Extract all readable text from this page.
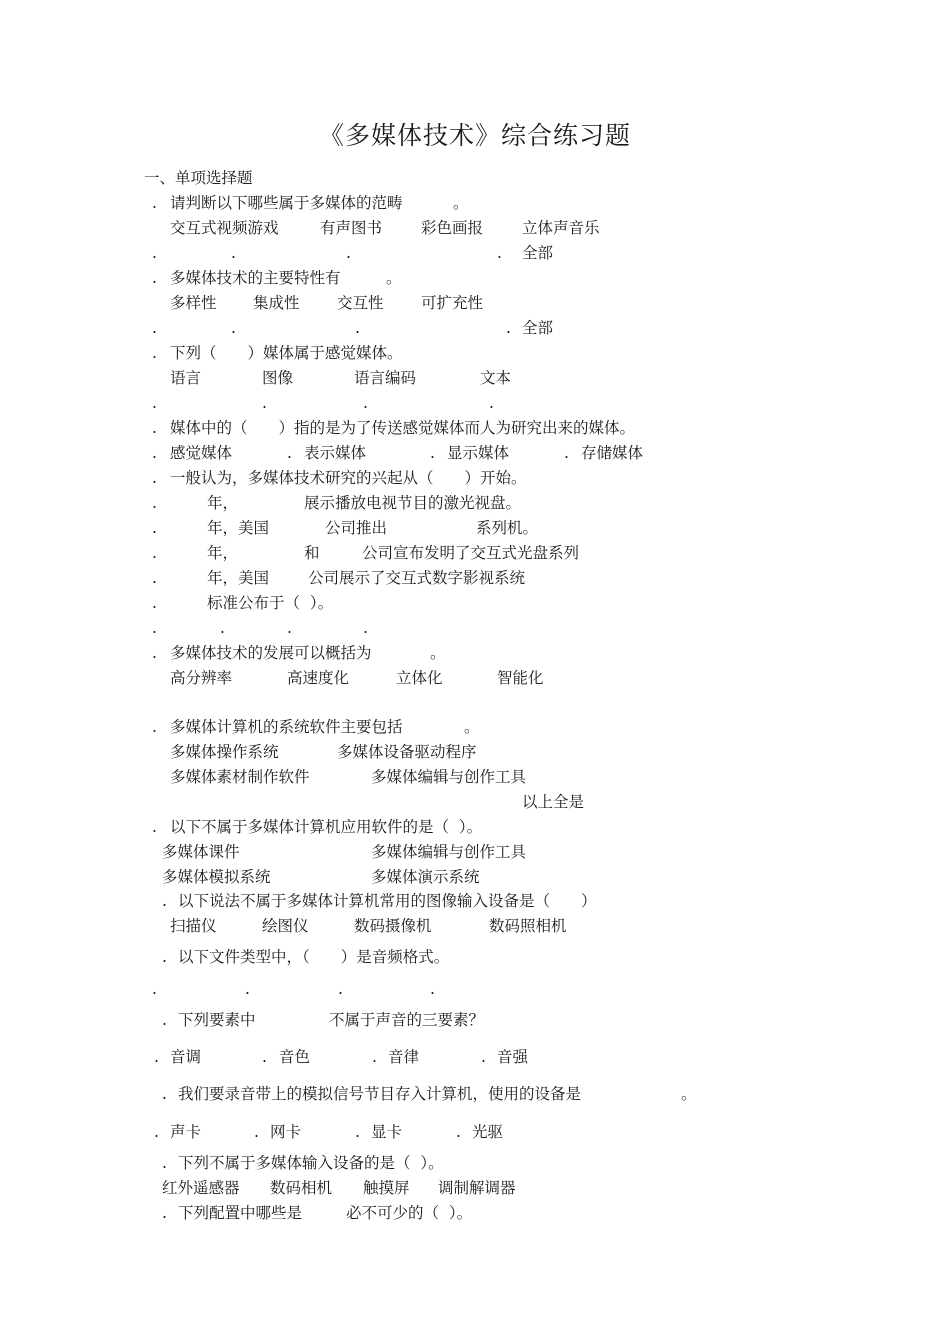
《多媒体技术》综合练习题
一、单项选择题
. 请判断以下哪些属于多媒体的范畴	。
交互式视频游戏	有声图书	彩色画报	立体声音乐
.	.	.	. 全部
. 多媒体技术的主要特性有	。
多样性 集成性 交互性 可扩充性
.	.	.	. 全部
. 下列（　　）媒体属于感觉媒体。
语言	图像	语言编码	文本
.	.	.	.
. 媒体中的（　　）指的是为了传送感觉媒体而人为研究出来的媒体。
. 感觉媒体	. 表示媒体	. 显示媒体	. 存储媒体
. 一般认为，多媒体技术研究的兴起从（　　）开始。
.	年，	展示播放电视节目的激光视盘。
.	年，美国	公司推出	系列机。
.	年，	和	公司宣布发明了交互式光盘系列
.	年，美国	公司展示了交互式数字影视系统
.	标准公布于（  ）。
.	.	.	.
. 多媒体技术的发展可以概括为	。
高分辨率	高速度化	立体化	智能化
. 多媒体计算机的系统软件主要包括	。
多媒体操作系统	多媒体设备驱动程序
多媒体素材制作软件	多媒体编辑与创作工具
以上全是
. 以下不属于多媒体计算机应用软件的是（  ）。
多媒体课件	多媒体编辑与创作工具
多媒体模拟系统	多媒体演示系统
. 以下说法不属于多媒体计算机常用的图像输入设备是（　　）
扫描仪	绘图仪	数码摄像机	数码照相机
. 以下文件类型中，（　　）是音频格式。
.	.	.	.
. 下列要素中	不属于声音的三要素？
. 音调	. 音色	. 音律	. 音强
. 我们要录音带上的模拟信号节目存入计算机，使用的设备是	。
. 声卡	. 网卡	. 显卡	. 光驱
. 下列不属于多媒体输入设备的是（  ）。
红外遥感器 数码相机 触摸屏 调制解调器
. 下列配置中哪些是	必不可少的（  ）。
